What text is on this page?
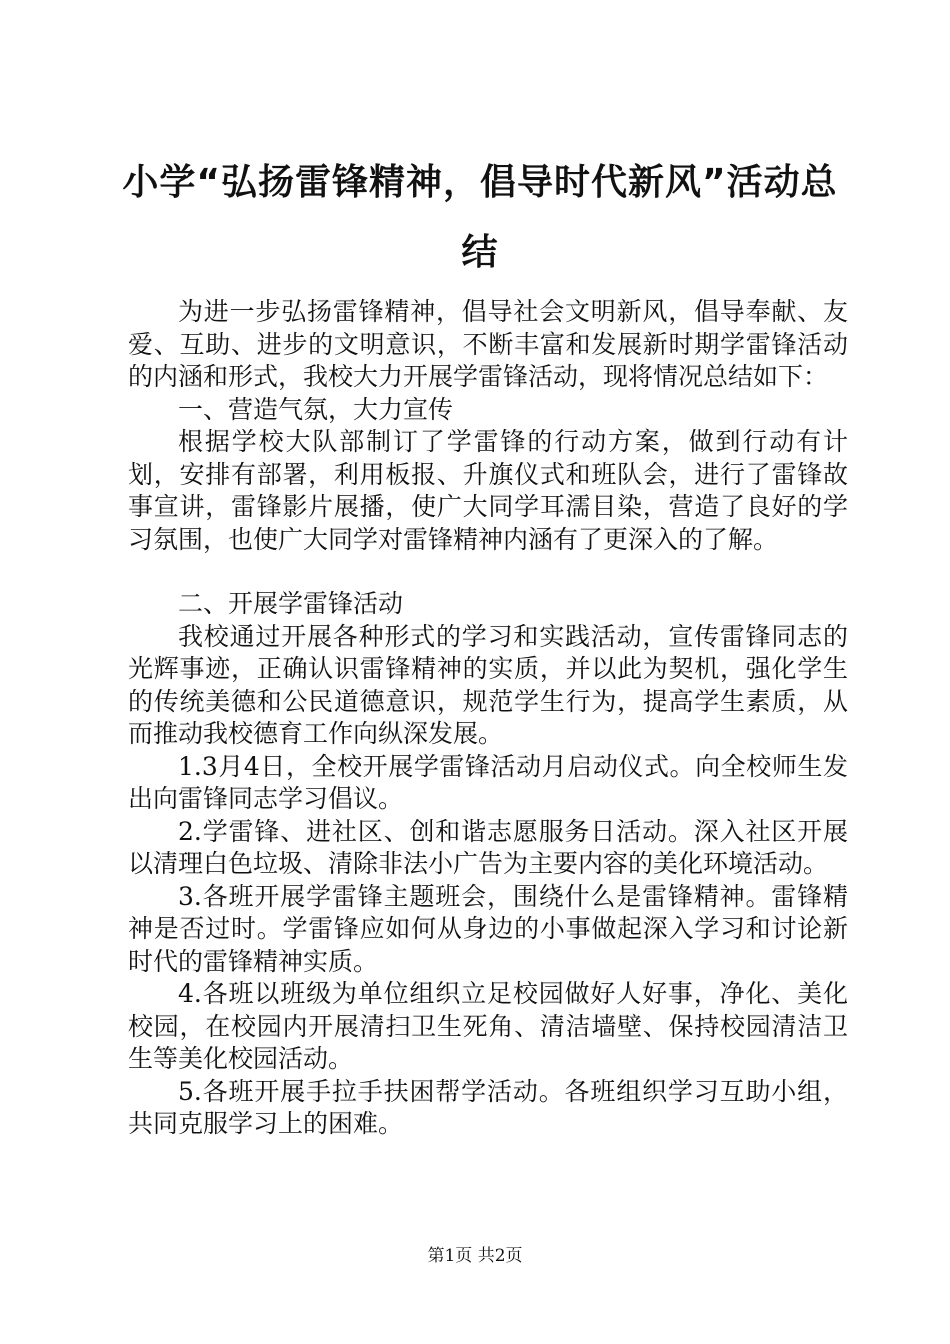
小学“弘扬雷锋精神，倡导时代新风”活动总结

为进一步弘扬雷锋精神，倡导社会文明新风，倡导奉献、友爱、互助、进步的文明意识，不断丰富和发展新时期学雷锋活动的内涵和形式，我校大力开展学雷锋活动，现将情况总结如下：

一、营造气氛，大力宣传

根据学校大队部制订了学雷锋的行动方案，做到行动有计划，安排有部署，利用板报、升旗仪式和班队会，进行了雷锋故事宣讲，雷锋影片展播，使广大同学耳濡目染，营造了良好的学习氛围，也使广大同学对雷锋精神内涵有了更深入的了解。

二、开展学雷锋活动

我校通过开展各种形式的学习和实践活动，宣传雷锋同志的光辉事迹，正确认识雷锋精神的实质，并以此为契机，强化学生的传统美德和公民道德意识，规范学生行为，提高学生素质，从而推动我校德育工作向纵深发展。

1.3月4日，全校开展学雷锋活动月启动仪式。向全校师生发出向雷锋同志学习倡议。

2.学雷锋、进社区、创和谐志愿服务日活动。深入社区开展以清理白色垃圾、清除非法小广告为主要内容的美化环境活动。

3.各班开展学雷锋主题班会，围绕什么是雷锋精神。雷锋精神是否过时。学雷锋应如何从身边的小事做起深入学习和讨论新时代的雷锋精神实质。

4.各班以班级为单位组织立足校园做好人好事，净化、美化校园，在校园内开展清扫卫生死角、清洁墙壁、保持校园清洁卫生等美化校园活动。

5.各班开展手拉手扶困帮学活动。各班组织学习互助小组，共同克服学习上的困难。

第1页 共2页
